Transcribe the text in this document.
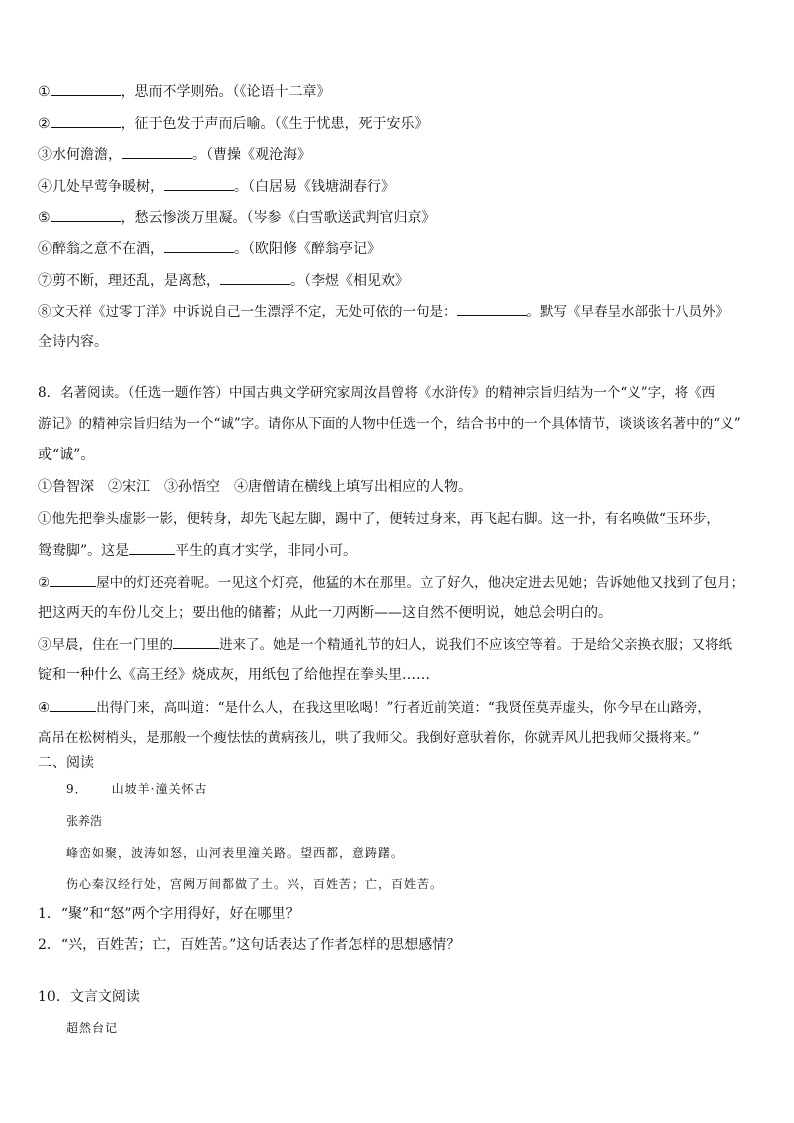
①	，思而不学则殆。（《论语十二章》
②	，征于色发于声而后喻。（《生于忧患，死于安乐》
③水何澹澹，	。（曹操《观沧海》
④几处早莺争暖树，	。（白居易《钱塘湖春行》
⑤	，愁云惨淡万里凝。（岑参《白雪歌送武判官归京》
⑥醉翁之意不在酒，	。（欧阳修《醉翁亭记》
⑦剪不断，理还乱，是离愁，	。（李煜《相见欢》
⑧文天祥《过零丁洋》中诉说自己一生漂浮不定，无处可依的一句是：	。默写《早春呈水部张十八员外》
全诗内容。
8．名著阅读。（任选一题作答）中国古典文学研究家周汝昌曾将《水浒传》的精神宗旨归结为一个“义”字，将《西
游记》的精神宗旨归结为一个“诚”字。请你从下面的人物中任选一个，结合书中的一个具体情节，谈谈该名著中的“义”
或“诚”。
①鲁智深　②宋江　③孙悟空　④唐僧请在横线上填写出相应的人物。
①他先把拳头虚影一影，便转身，却先飞起左脚，踢中了，便转过身来，再飞起右脚。这一扑，有名唤做“玉环步，
鸳鸯脚”。这是	平生的真才实学，非同小可。
②	屋中的灯还亮着呢。一见这个灯亮，他猛的木在那里。立了好久，他决定进去见她；告诉她他又找到了包月；
把这两天的车份儿交上；要出他的储蓄；从此一刀两断——这自然不便明说，她总会明白的。
③早晨，住在一门里的	进来了。她是一个精通礼节的妇人，说我们不应该空等着。于是给父亲换衣服；又将纸
锭和一种什么《高王经》烧成灰，用纸包了给他捏在拳头里……
④	出得门来，高叫道：“是什么人，在我这里吆喝！”行者近前笑道：“我贤侄莫弄虚头，你今早在山路旁，
高吊在松树梢头，是那般一个瘦怯怯的黄病孩儿，哄了我师父。我倒好意驮着你，你就弄风儿把我师父摄将来。”
二、阅读
9． 山坡羊·潼关怀古
张养浩
峰峦如聚，波涛如怒，山河表里潼关路。望西都，意踌躇。
伤心秦汉经行处，宫阙万间都做了土。兴，百姓苦；亡，百姓苦。
1．“聚”和“怒”两个字用得好，好在哪里？
2．“兴，百姓苦；亡，百姓苦。”这句话表达了作者怎样的思想感情？
10．文言文阅读
超然台记
